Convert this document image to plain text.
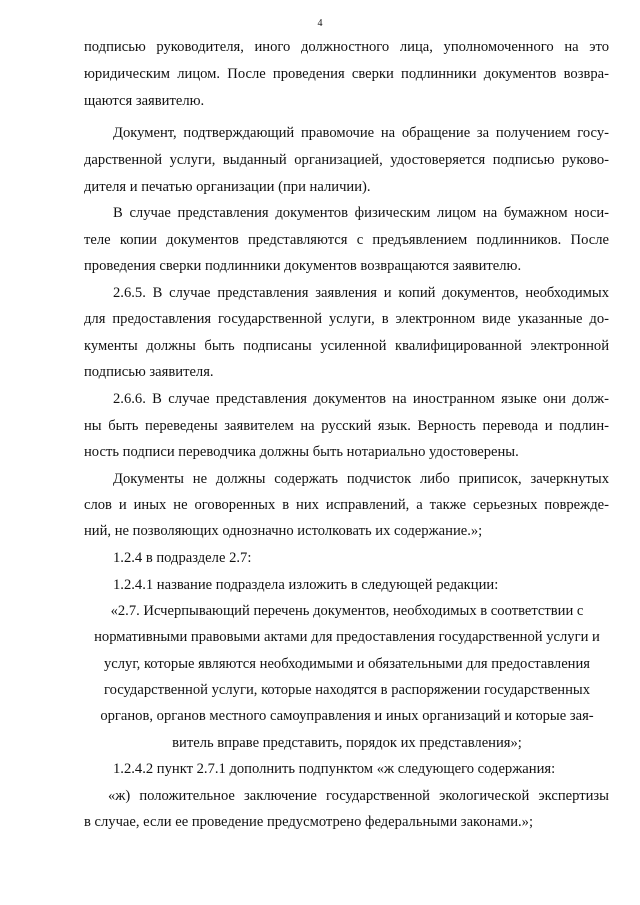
4
подписью руководителя, иного должностного лица, уполномоченного на это
юридическим лицом. После проведения сверки подлинники документов возвра-
щаются заявителю.
Документ, подтверждающий правомочие на обращение за получением госу-
дарственной услуги, выданный организацией, удостоверяется подписью руково-
дителя и печатью организации (при наличии).
В случае представления документов физическим лицом на бумажном носи-
теле копии документов представляются с предъявлением подлинников. После
проведения сверки подлинники документов возвращаются заявителю.
2.6.5. В случае представления заявления и копий документов, необходимых
для предоставления государственной услуги, в электронном виде указанные до-
кументы должны быть подписаны усиленной квалифицированной электронной
подписью заявителя.
2.6.6. В случае представления документов на иностранном языке они долж-
ны быть переведены заявителем на русский язык. Верность перевода и подлин-
ность подписи переводчика должны быть нотариально удостоверены.
Документы не должны содержать подчисток либо приписок, зачеркнутых
слов и иных не оговоренных в них исправлений, а также серьезных поврежде-
ний, не позволяющих однозначно истолковать их содержание.»;
1.2.4 в подразделе 2.7:
1.2.4.1 название подраздела изложить в следующей редакции:
«2.7. Исчерпывающий перечень документов, необходимых в соответствии с
нормативными правовыми актами для предоставления государственной услуги и
услуг, которые являются необходимыми и обязательными для предоставления
государственной услуги, которые находятся в распоряжении государственных
органов, органов местного самоуправления и иных организаций и которые зая-
витель вправе представить, порядок их представления»;
1.2.4.2 пункт 2.7.1 дополнить подпунктом «ж следующего содержания:
«ж) положительное заключение государственной экологической экспертизы
в случае, если ее проведение предусмотрено федеральными законами.»;
